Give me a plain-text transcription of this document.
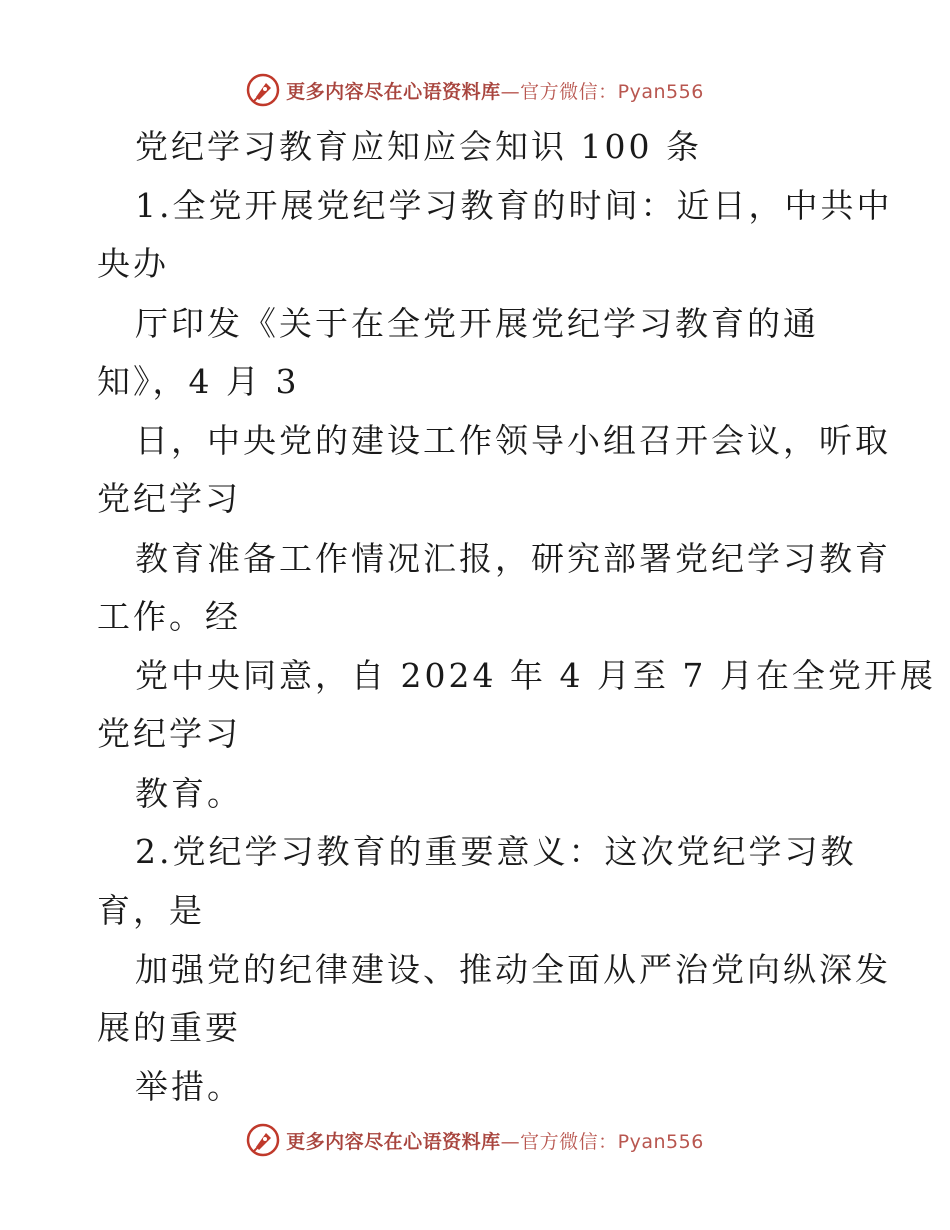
更多内容尽在心语资料库—官方微信：Pyan556
党纪学习教育应知应会知识 100 条
1.全党开展党纪学习教育的时间：近日，中共中
央办
厅印发《关于在全党开展党纪学习教育的通
知》，4 月 3
日，中央党的建设工作领导小组召开会议，听取
党纪学习
教育准备工作情况汇报，研究部署党纪学习教育
工作。经
党中央同意，自 2024 年 4 月至 7 月在全党开展
党纪学习
教育。
2.党纪学习教育的重要意义：这次党纪学习教
育，是
加强党的纪律建设、推动全面从严治党向纵深发
展的重要
举措。
更多内容尽在心语资料库—官方微信：Pyan556
